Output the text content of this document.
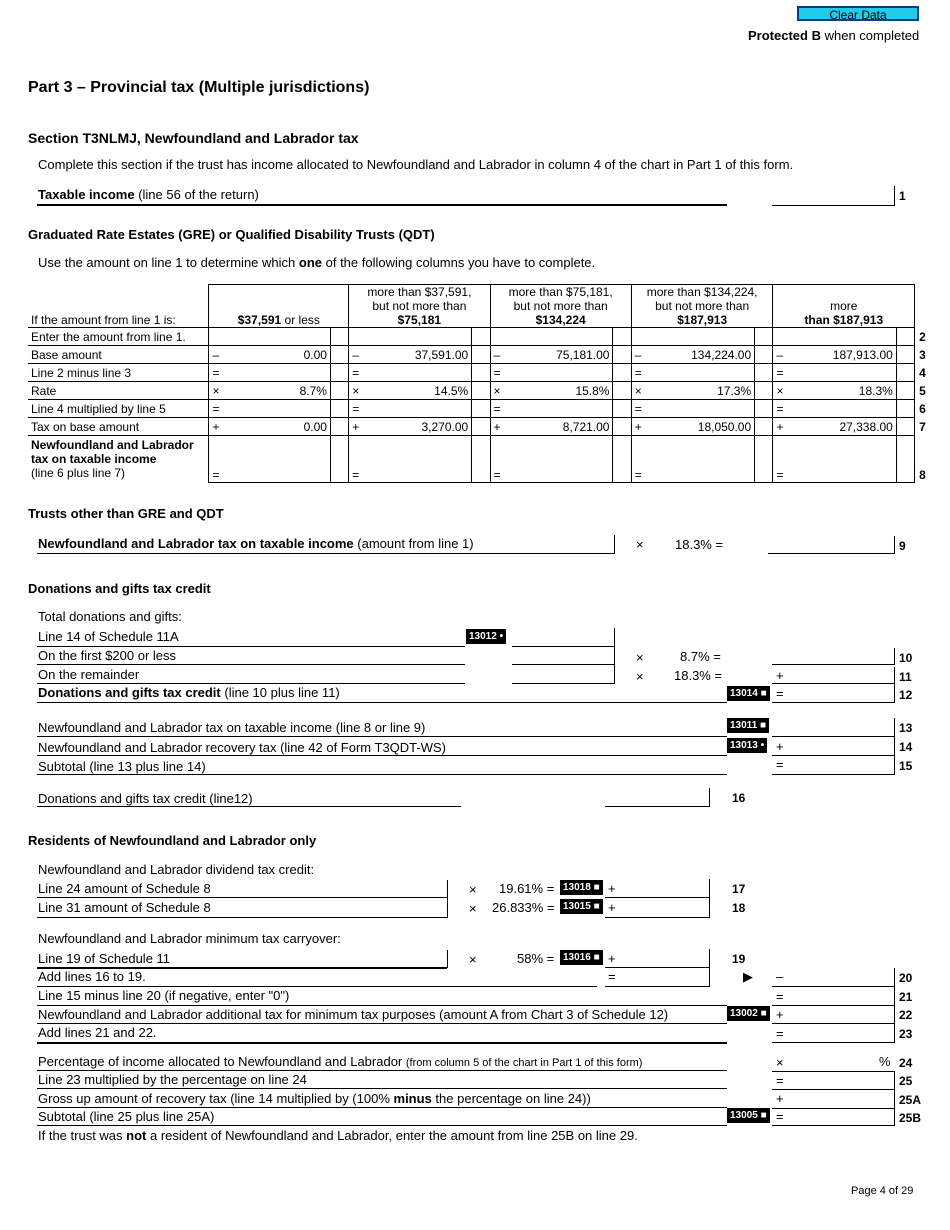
Clear Data
Protected B when completed
Part 3 – Provincial tax (Multiple jurisdictions)
Section T3NLMJ, Newfoundland and Labrador tax
Complete this section if the trust has income allocated to Newfoundland and Labrador in column 4 of the chart in Part 1 of this form.
Taxable income (line 56 of the return)	1
Graduated Rate Estates (GRE) or Qualified Disability Trusts (QDT)
Use the amount on line 1 to determine which one of the following columns you have to complete.
If the amount from line 1 is:	$37,591 or less			more than $37,591,
but not more than
$75,181			more than $75,181,
but not more than
$134,224			more than $134,224,
but not more than
$187,913			more
than $187,913			
Enter the amount from line 1.																2
Base amount	–	0.00		–	37,591.00		–	75,181.00		–	134,224.00		–	187,913.00		3
Line 2 minus line 3	=			=			=			=			=			4
Rate	×	8.7%		×	14.5%		×	15.8%		×	17.3%		×	18.3%		5
Line 4 multiplied by line 5	=			=			=			=			=			6
Tax on base amount	+	0.00		+	3,270.00		+	8,721.00		+	18,050.00		+	27,338.00		7
Newfoundland and Labrador
tax on taxable income
(line 6 plus line 7)	=			=			=			=			=			8
Trusts other than GRE and QDT
Newfoundland and Labrador tax on taxable income (amount from line 1)	× 18.3% =	9
Donations and gifts tax credit
Total donations and gifts:
Line 14 of Schedule 11A	13012 •
On the first $200 or less	×	8.7% =	10
On the remainder	× 18.3% =	+	11
Donations and gifts tax credit (line 10 plus line 11)	13014 ■ =	12
Newfoundland and Labrador tax on taxable income (line 8 or line 9)	13011 ■	13
Newfoundland and Labrador recovery tax (line 42 of Form T3QDT-WS)	13013 • +	14
Subtotal (line 13 plus line 14)	=	15
Donations and gifts tax credit (line12)	16
Residents of Newfoundland and Labrador only
Newfoundland and Labrador dividend tax credit:
Line 24 amount of Schedule 8	× 19.61% = 13018 ■ +	17
Line 31 amount of Schedule 8	× 26.833% = 13015 ■ +	18
Newfoundland and Labrador minimum tax carryover:
Line 19 of Schedule 11	×	58% = 13016 ■ +	19
Add lines 16 to 19.	=	▶ –	20
Line 15 minus line 20 (if negative, enter "0")	=	21
Newfoundland and Labrador additional tax for minimum tax purposes (amount A from Chart 3 of Schedule 12)	13002 ■ +	22
Add lines 21 and 22.	=	23
Percentage of income allocated to Newfoundland and Labrador (from column 5 of the chart in Part 1 of this form)	×	% 24
Line 23 multiplied by the percentage on line 24	=	25
Gross up amount of recovery tax (line 14 multiplied by (100% minus the percentage on line 24))	+	25A
Subtotal (line 25 plus line 25A)	13005 ■ =	25B
If the trust was not a resident of Newfoundland and Labrador, enter the amount from line 25B on line 29.
Page 4 of 29
